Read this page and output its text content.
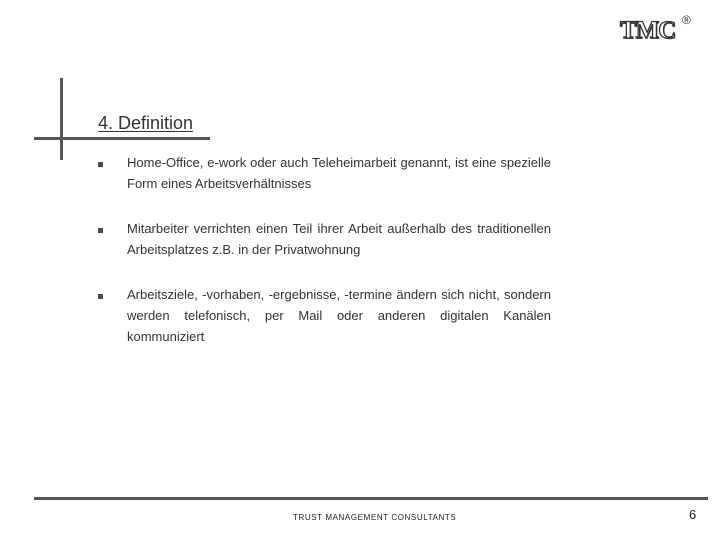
TMC ®
4. Definition
Home-Office, e-work oder auch Teleheimarbeit genannt, ist eine spezielle Form eines Arbeitsverhältnisses
Mitarbeiter verrichten einen Teil ihrer Arbeit außerhalb des traditionellen Arbeitsplatzes z.B. in der Privatwohnung
Arbeitsziele, -vorhaben, -ergebnisse, -termine ändern sich nicht, sondern werden telefonisch, per Mail oder anderen digitalen Kanälen kommuniziert
TRUST MANAGEMENT CONSULTANTS	6
